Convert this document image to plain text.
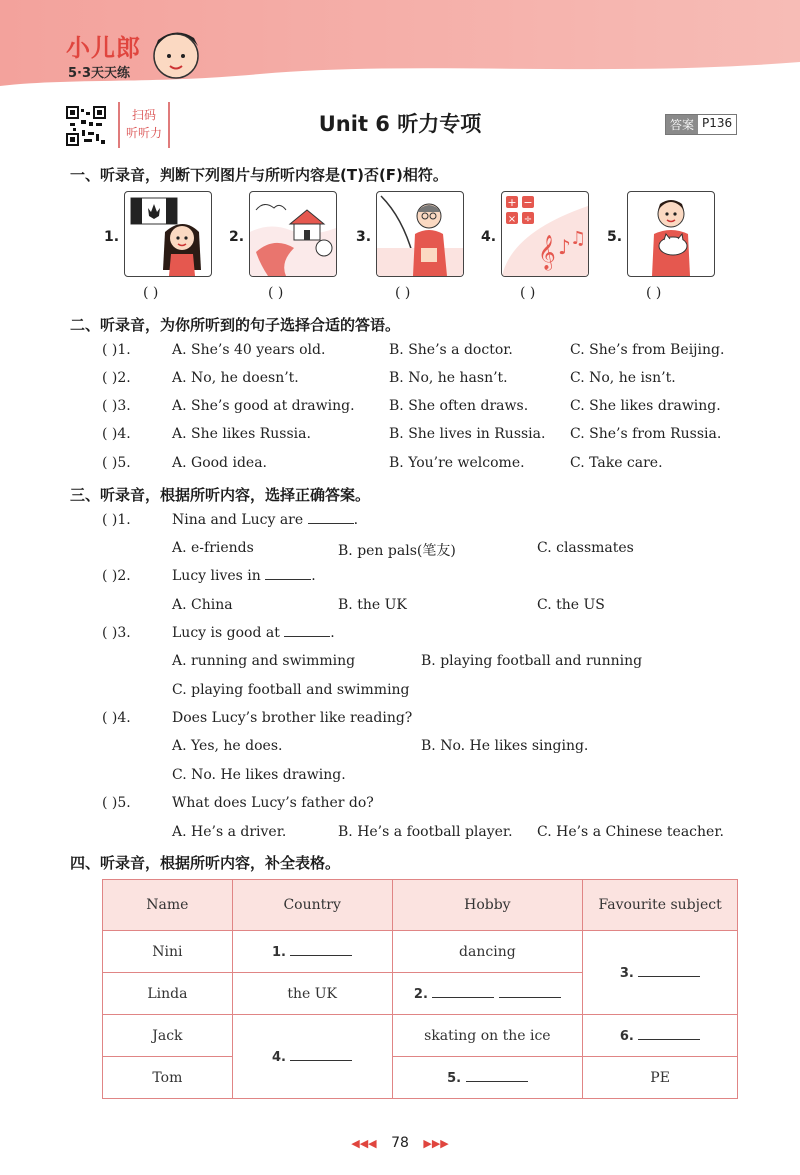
小儿郎
5·3天天练
扫码
听听力	Unit 6 听力专项	答案 P136
一、听录音，判断下列图片与所听内容是(T)否(F)相符。
1.	2.	3.	4.
+ −
× ÷
𝄞 ♪ ♫ 5.
( )	( )	( )	( )	( )
二、听录音，为你所听到的句子选择合适的答语。
( )1.	A. She’s 40 years old.	B. She’s a doctor.	C. She’s from Beijing.
( )2.	A. No, he doesn’t.	B. No, he hasn’t.	C. No, he isn’t.
( )3.	A. She’s good at drawing. B. She often draws.	C. She likes drawing.
( )4.	A. She likes Russia.	B. She lives in Russia. C. She’s from Russia.
( )5.	A. Good idea.	B. You’re welcome.	C. Take care.
三、听录音，根据所听内容，选择正确答案。
( )1.	Nina and Lucy are	.
A. e-friends	B. pen pals(笔友)	C. classmates
( )2.	Lucy lives in	.
A. China	B. the UK	C. the US
( )3.	Lucy is good at	.
A. running and swimming	B. playing football and running
C. playing football and swimming
( )4.	Does Lucy’s brother like reading?
A. Yes, he does.	B. No. He likes singing.
C. No. He likes drawing.
( )5.	What does Lucy’s father do?
A. He’s a driver.	B. He’s a football player. C. He’s a Chinese teacher.
四、听录音，根据所听内容，补全表格。
Name	Country	Hobby	Favourite subject
Nini	1.	dancing	3.
Linda	the UK	2.	
Jack	4.	skating on the ice	6.
Tom		5.	PE
◀◀◀ 78 ▶▶▶
